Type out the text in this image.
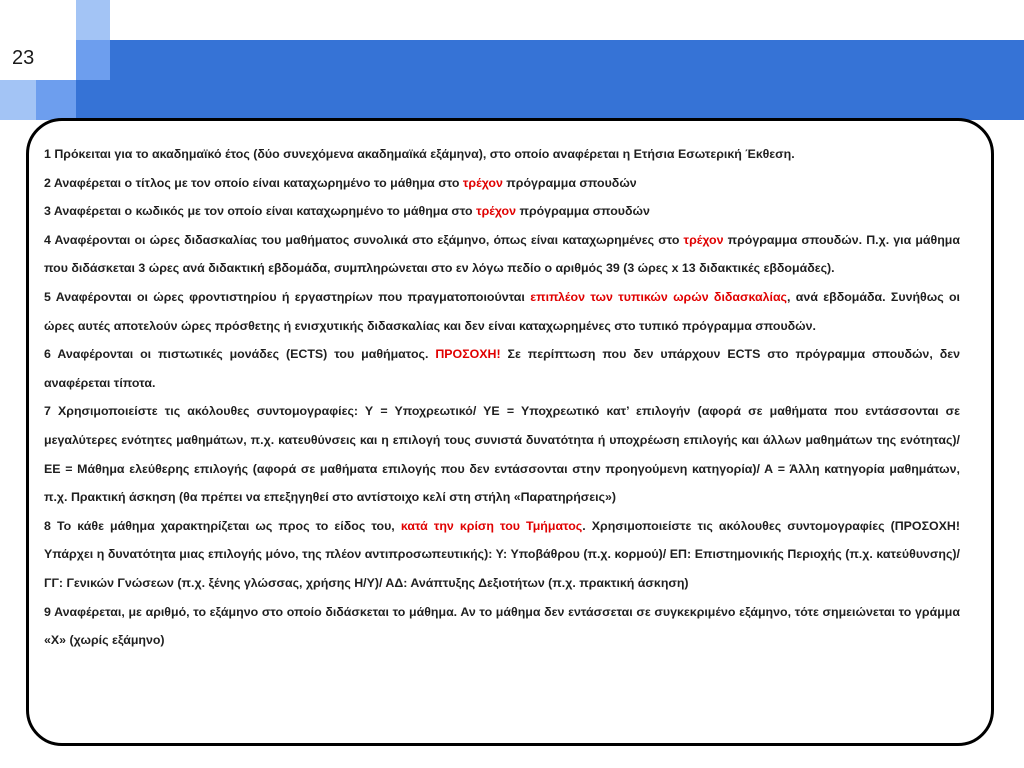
23

1 Πρόκειται για το ακαδημαϊκό έτος (δύο συνεχόμενα ακαδημαϊκά εξάμηνα), στο οποίο αναφέρεται η Ετήσια Εσωτερική Έκθεση.

2 Αναφέρεται ο τίτλος με τον οποίο είναι καταχωρημένο το μάθημα στο τρέχον πρόγραμμα σπουδών

3 Αναφέρεται ο κωδικός με τον οποίο είναι καταχωρημένο το μάθημα στο τρέχον πρόγραμμα σπουδών

4 Αναφέρονται οι ώρες διδασκαλίας του μαθήματος συνολικά στο εξάμηνο, όπως είναι καταχωρημένες στο τρέχον πρόγραμμα σπουδών. Π.χ. για μάθημα που διδάσκεται 3 ώρες ανά διδακτική εβδομάδα, συμπληρώνεται στο εν λόγω πεδίο ο αριθμός 39 (3 ώρες x 13 διδακτικές εβδομάδες).

5 Αναφέρονται οι ώρες φροντιστηρίου ή εργαστηρίων που πραγματοποιούνται επιπλέον των τυπικών ωρών διδασκαλίας, ανά εβδομάδα. Συνήθως οι ώρες αυτές αποτελούν ώρες πρόσθετης ή ενισχυτικής διδασκαλίας και δεν είναι καταχωρημένες στο τυπικό πρόγραμμα σπουδών.

6 Αναφέρονται οι πιστωτικές μονάδες (ECTS) του μαθήματος. ΠΡΟΣΟΧΗ! Σε περίπτωση που δεν υπάρχουν ECTS στο πρόγραμμα σπουδών, δεν αναφέρεται τίποτα.

7 Χρησιμοποιείστε τις ακόλουθες συντομογραφίες: Υ = Υποχρεωτικό/ ΥΕ = Υποχρεωτικό κατ’ επιλογήν (αφορά σε μαθήματα που εντάσσονται σε μεγαλύτερες ενότητες μαθημάτων, π.χ. κατευθύνσεις και η επιλογή τους συνιστά δυνατότητα ή υποχρέωση επιλογής και άλλων μαθημάτων της ενότητας)/ ΕΕ = Μάθημα ελεύθερης επιλογής (αφορά σε μαθήματα επιλογής που δεν εντάσσονται στην προηγούμενη κατηγορία)/ Α = Άλλη κατηγορία μαθημάτων, π.χ. Πρακτική άσκηση (θα πρέπει να επεξηγηθεί στο αντίστοιχο κελί στη στήλη «Παρατηρήσεις»)

8 Το κάθε μάθημα χαρακτηρίζεται ως προς το είδος του, κατά την κρίση του Τμήματος. Χρησιμοποιείστε τις ακόλουθες συντομογραφίες (ΠΡΟΣΟΧΗ! Υπάρχει η δυνατότητα μιας επιλογής μόνο, της πλέον αντιπροσωπευτικής): Υ: Υποβάθρου (π.χ. κορμού)/ ΕΠ: Επιστημονικής Περιοχής (π.χ. κατεύθυνσης)/ ΓΓ: Γενικών Γνώσεων (π.χ. ξένης γλώσσας, χρήσης Η/Υ)/ ΑΔ: Ανάπτυξης Δεξιοτήτων (π.χ. πρακτική άσκηση)

9 Αναφέρεται, με αριθμό, το εξάμηνο στο οποίο διδάσκεται το μάθημα. Αν το μάθημα δεν εντάσσεται σε συγκεκριμένο εξάμηνο, τότε σημειώνεται το γράμμα «Χ» (χωρίς εξάμηνο)
